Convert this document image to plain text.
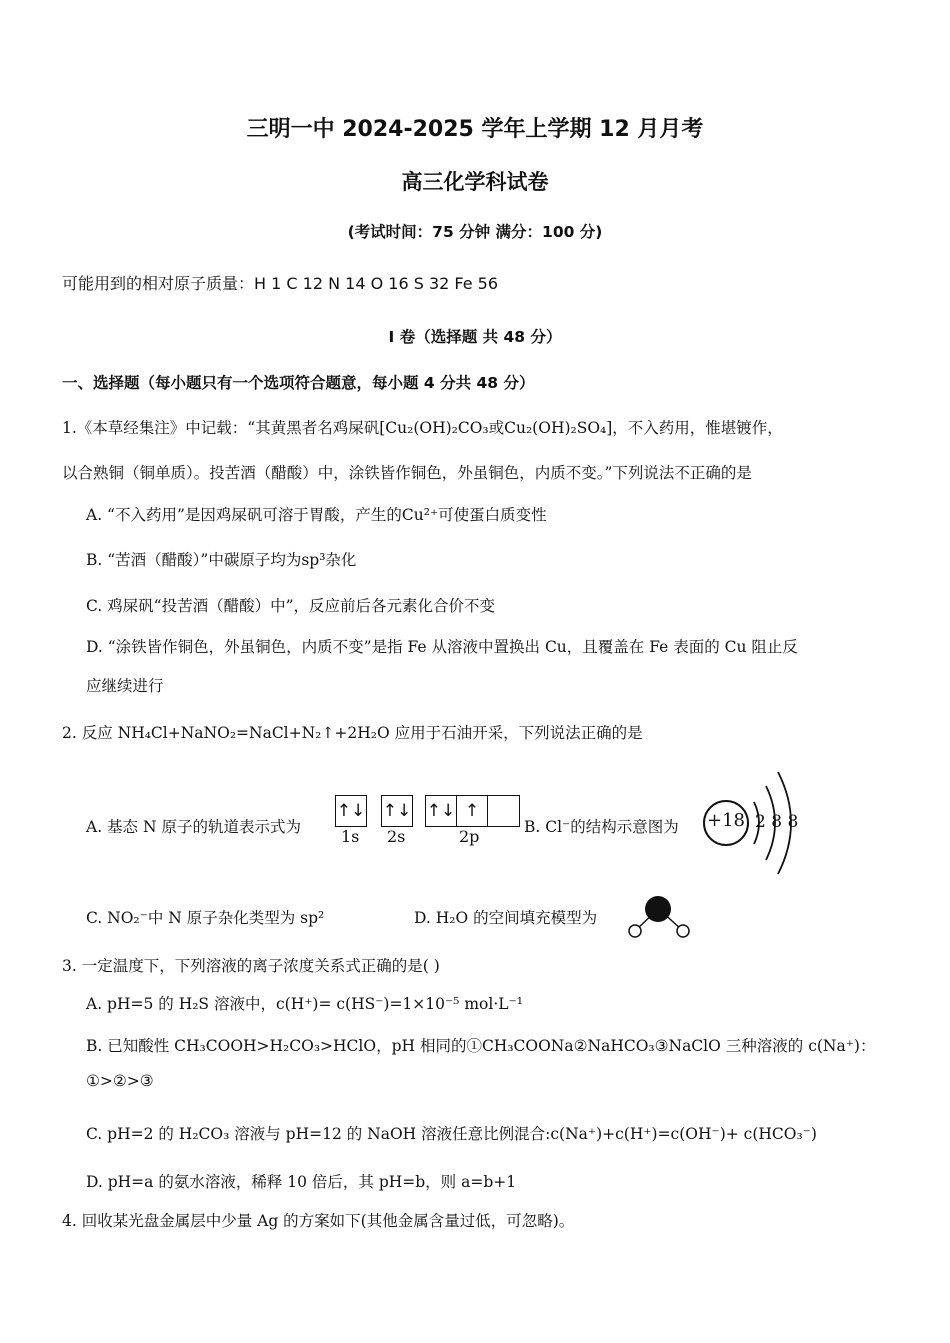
三明一中 2024-2025 学年上学期 12 月月考
高三化学科试卷
(考试时间：75 分钟 满分：100 分)
可能用到的相对原子质量：H 1 C 12 N 14 O 16 S 32 Fe 56
I 卷（选择题 共 48 分）
一、选择题（每小题只有一个选项符合题意，每小题 4 分共 48 分）
1.《本草经集注》中记载：“其黄黑者名鸡屎矾[Cu₂(OH)₂CO₃或Cu₂(OH)₂SO₄]，不入药用，惟堪镀作，
以合熟铜（铜单质）。投苦酒（醋酸）中，涂铁皆作铜色，外虽铜色，内质不变。”下列说法不正确的是
A. “不入药用”是因鸡屎矾可溶于胃酸，产生的Cu²⁺可使蛋白质变性
B. “苦酒（醋酸）”中碳原子均为sp³杂化
C. 鸡屎矾“投苦酒（醋酸）中”，反应前后各元素化合价不变
D. “涂铁皆作铜色，外虽铜色，内质不变”是指 Fe 从溶液中置换出 Cu，且覆盖在 Fe 表面的 Cu 阻止反
应继续进行
2. 反应 NH₄Cl+NaNO₂=NaCl+N₂↑+2H₂O 应用于石油开采，下列说法正确的是
A. 基态 N 原子的轨道表示式为
↑↓ ↑↓ ↑↓ ↑
1s 2s	2p	B. Cl⁻的结构示意图为 +18 2 8 8
C. NO₂⁻中 N 原子杂化类型为 sp²	D. H₂O 的空间填充模型为
3. 一定温度下，下列溶液的离子浓度关系式正确的是( )
A. pH=5 的 H₂S 溶液中，c(H⁺)= c(HS⁻)=1×10⁻⁵ mol·L⁻¹
B. 已知酸性 CH₃COOH>H₂CO₃>HClO，pH 相同的①CH₃COONa②NaHCO₃③NaClO 三种溶液的 c(Na⁺)：
①>②>③
C. pH=2 的 H₂CO₃ 溶液与 pH=12 的 NaOH 溶液任意比例混合:c(Na⁺)+c(H⁺)=c(OH⁻)+ c(HCO₃⁻)
D. pH=a 的氨水溶液，稀释 10 倍后，其 pH=b，则 a=b+1
4. 回收某光盘金属层中少量 Ag 的方案如下(其他金属含量过低，可忽略)。
